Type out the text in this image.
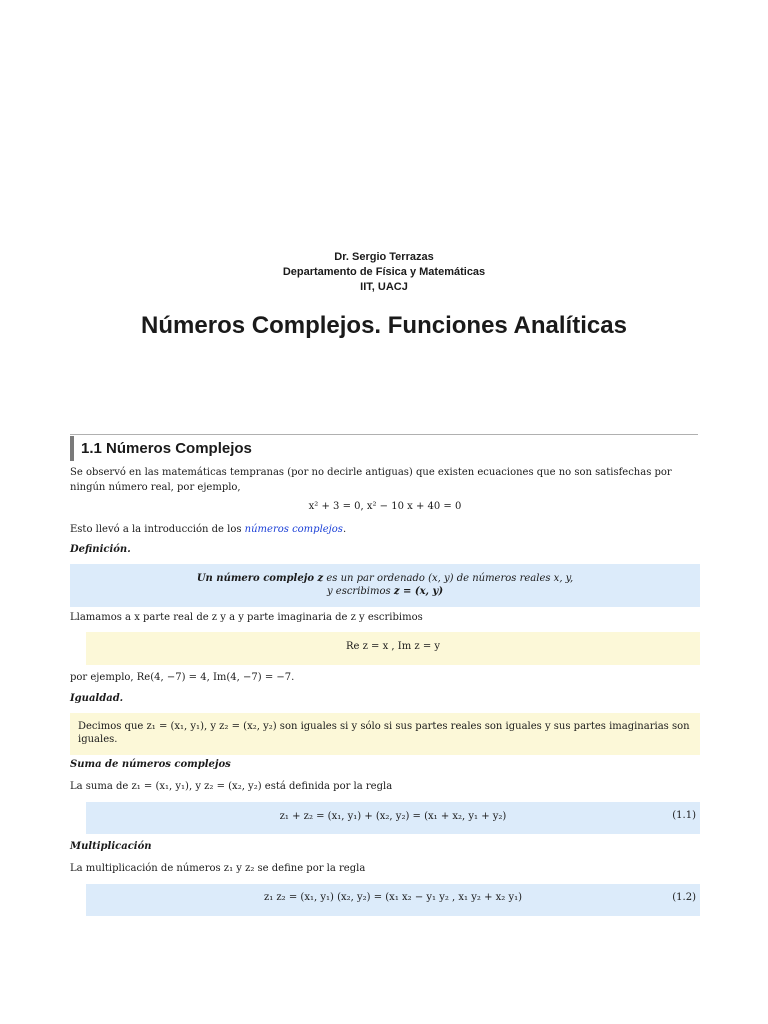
Dr. Sergio Terrazas
Departamento de Física y Matemáticas
IIT, UACJ
Números Complejos. Funciones Analíticas
1.1 Números Complejos
Se observó en las matemáticas tempranas (por no decirle antiguas) que existen ecuaciones que no son satisfechas por ningún número real, por ejemplo,
x² + 3 = 0, x² − 10 x + 40 = 0
Esto llevó a la introducción de los números complejos.
Definición.
Un número complejo z es un par ordenado (x, y) de números reales x, y,
y escribimos z = (x, y)
Llamamos a x parte real de z y a y parte imaginaria de z y escribimos
Re z = x , Im z = y
por ejemplo, Re(4, −7) = 4, Im(4, −7) = −7.
Igualdad.
Decimos que z₁ = (x₁, y₁), y z₂ = (x₂, y₂) son iguales si y sólo si sus partes reales son iguales y sus partes imaginarias son iguales.
Suma de números complejos
La suma de z₁ = (x₁, y₁), y z₂ = (x₂, y₂) está definida por la regla
z₁ + z₂ = (x₁, y₁) + (x₂, y₂) = (x₁ + x₂, y₁ + y₂)	(1.1)
Multiplicación
La multiplicación de números z₁ y z₂ se define por la regla
z₁ z₂ = (x₁, y₁) (x₂, y₂) = (x₁ x₂ − y₁ y₂ , x₁ y₂ + x₂ y₁)	(1.2)
